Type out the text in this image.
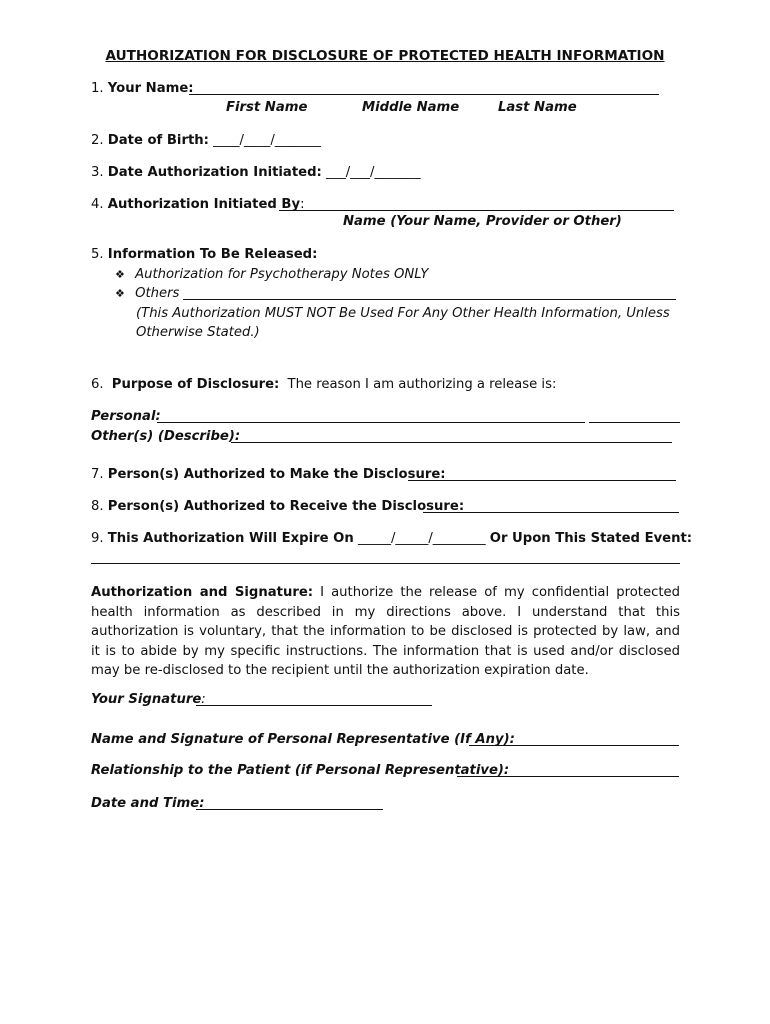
AUTHORIZATION FOR DISCLOSURE OF PROTECTED HEALTH INFORMATION
1. Your Name:
First Name	Middle Name	Last Name
2. Date of Birth: ____/____/_______
3. Date Authorization Initiated: ___/___/_______
4. Authorization Initiated By:
Name (Your Name, Provider or Other)
5. Information To Be Released:
❖ Authorization for Psychotherapy Notes ONLY
❖ Others
(This Authorization MUST NOT Be Used For Any Other Health Information, Unless
Otherwise Stated.)
6. Purpose of Disclosure: The reason I am authorizing a release is:
Personal:
Other(s) (Describe):
7. Person(s) Authorized to Make the Disclosure:
8. Person(s) Authorized to Receive the Disclosure:
9. This Authorization Will Expire On _____/_____/________ Or Upon This Stated Event:
Authorization and Signature: I authorize the release of my confidential protected health information as described in my directions above. I understand that this authorization is voluntary, that the information to be disclosed is protected by law, and it is to abide by my specific instructions. The information that is used and/or disclosed may be re-disclosed to the recipient until the authorization expiration date.
Your Signature:
Name and Signature of Personal Representative (If Any):
Relationship to the Patient (if Personal Representative):
Date and Time:
